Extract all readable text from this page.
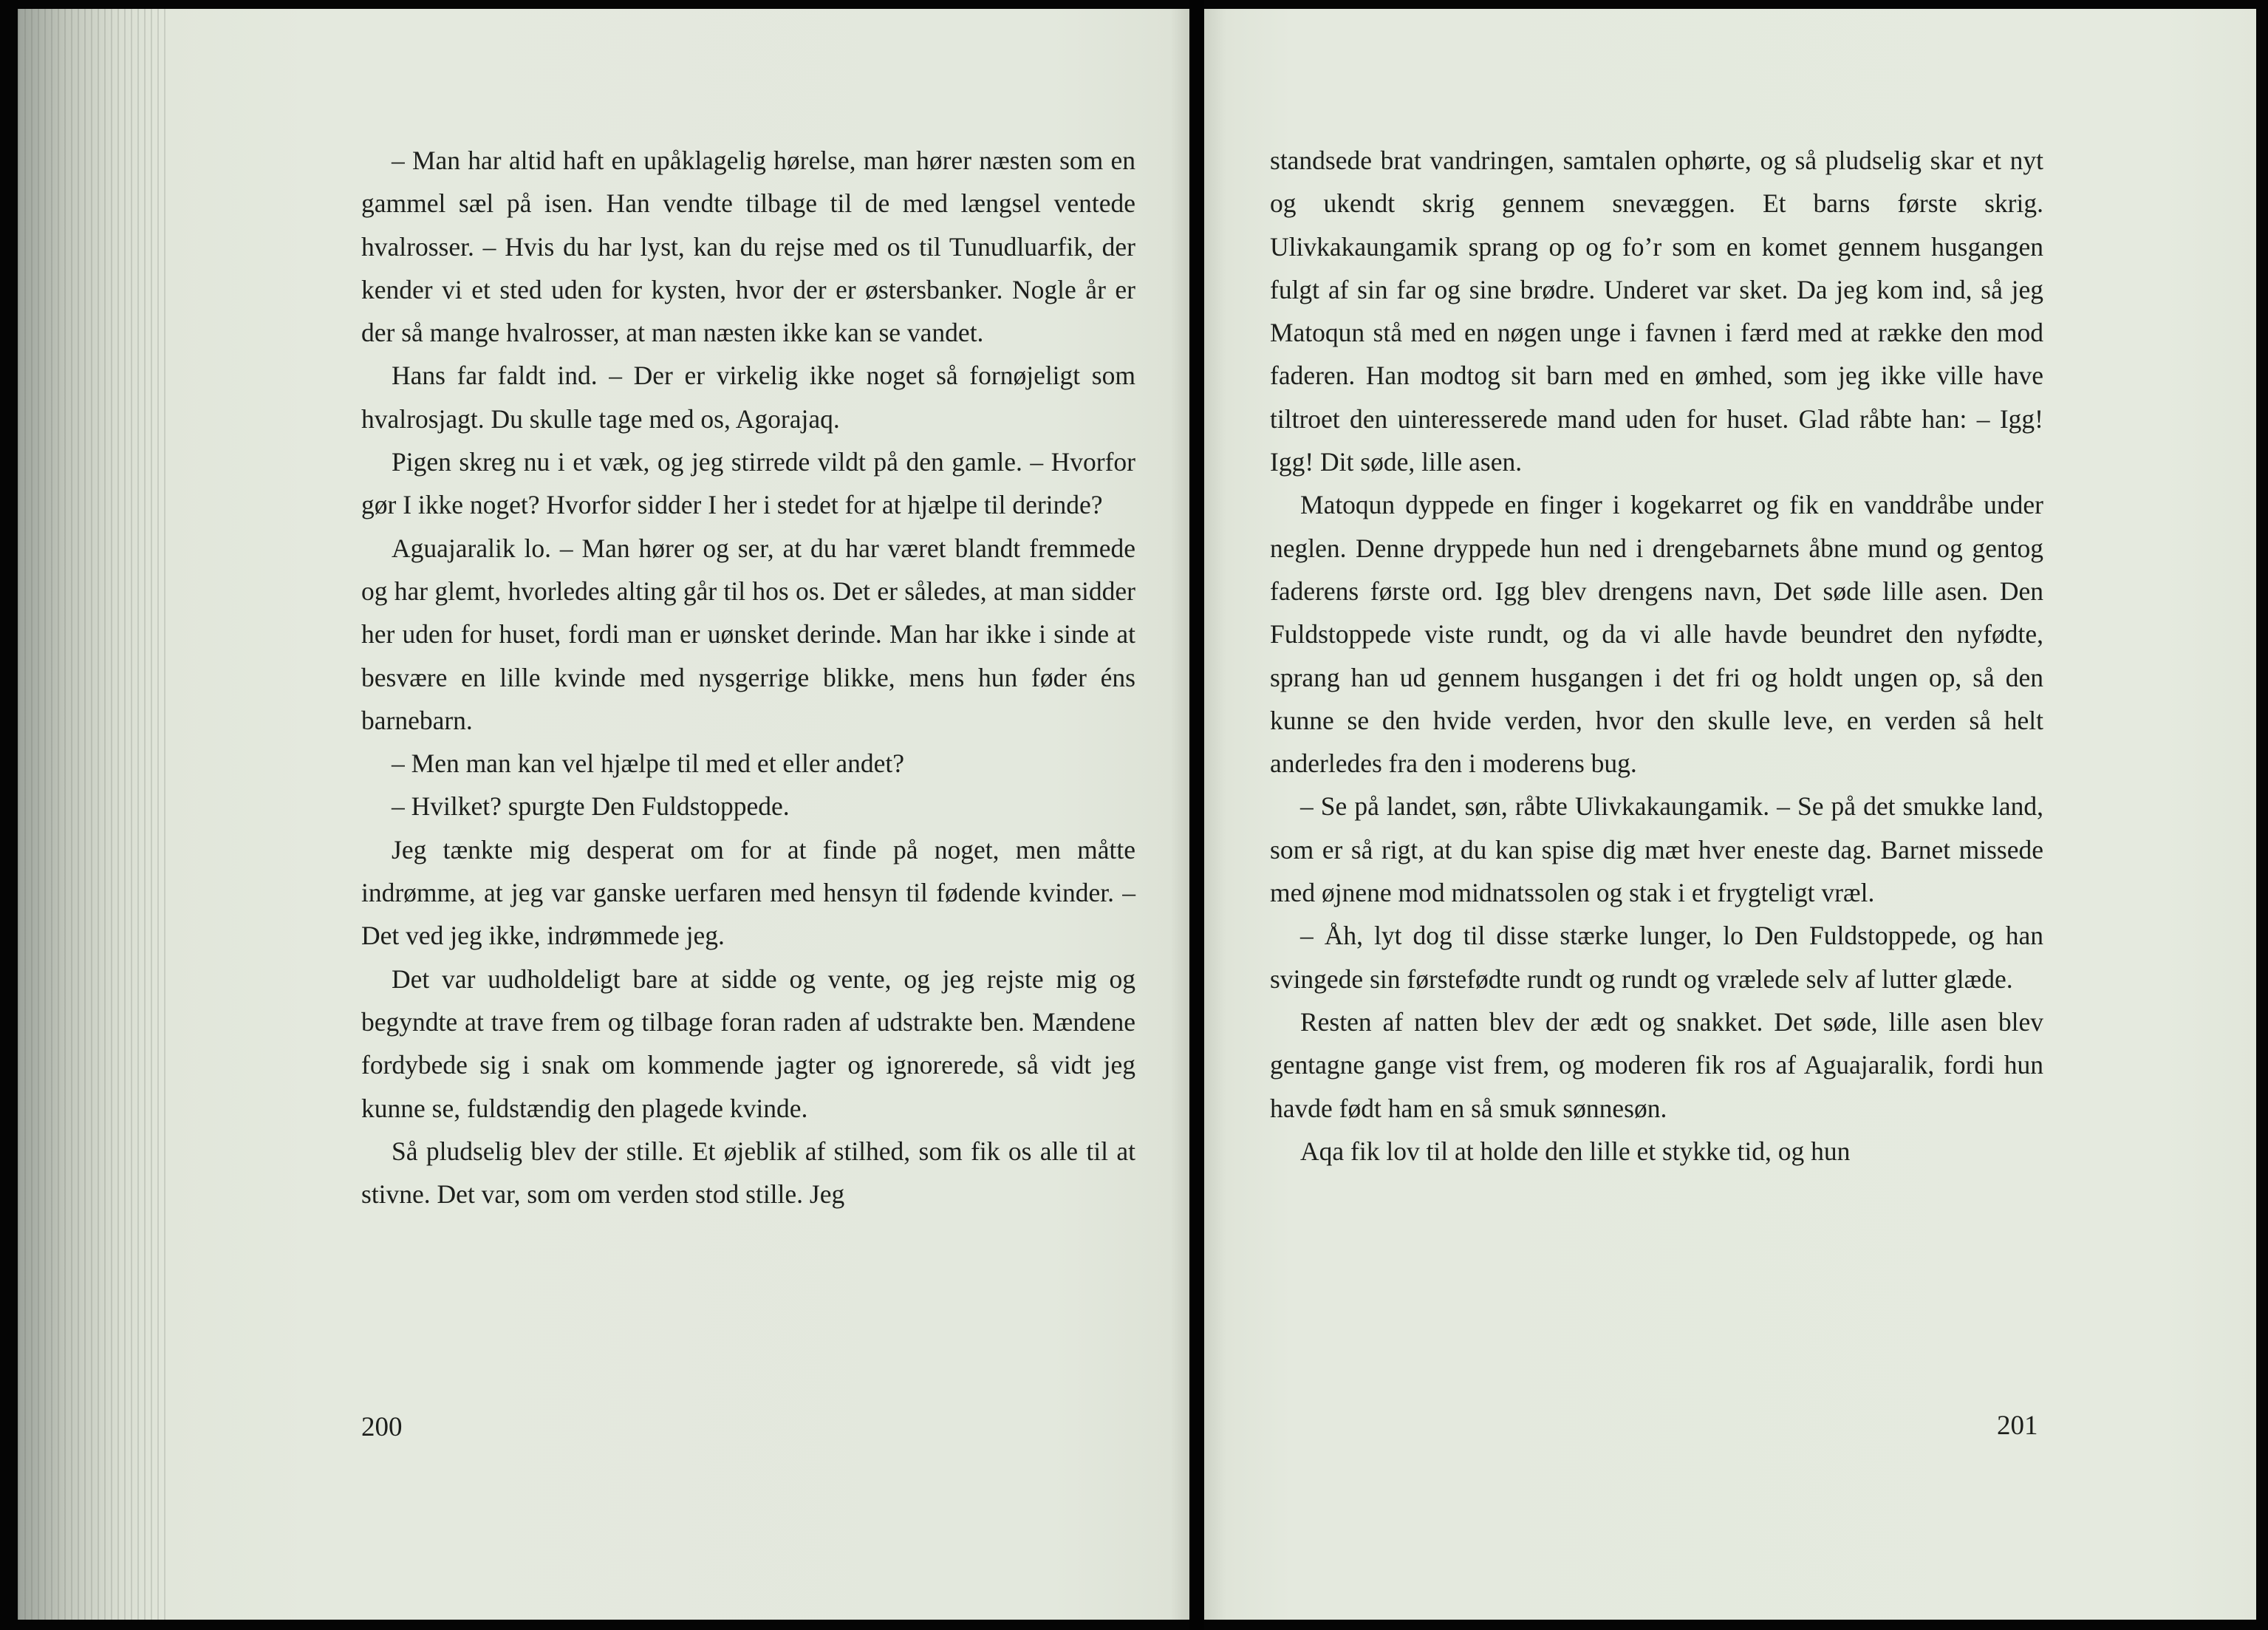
– Man har altid haft en upåklagelig hørelse, man hører næsten som en gammel sæl på isen. Han vendte tilbage til de med længsel ventede hvalrosser. – Hvis du har lyst, kan du rejse med os til Tunudluarfik, der kender vi et sted uden for kysten, hvor der er østersbanker. Nogle år er der så mange hvalrosser, at man næsten ikke kan se vandet.

Hans far faldt ind. – Der er virkelig ikke noget så fornøjeligt som hvalrosjagt. Du skulle tage med os, Agorajaq.

Pigen skreg nu i et væk, og jeg stirrede vildt på den gamle. – Hvorfor gør I ikke noget? Hvorfor sidder I her i stedet for at hjælpe til derinde?

Aguajaralik lo. – Man hører og ser, at du har været blandt fremmede og har glemt, hvorledes alting går til hos os. Det er således, at man sidder her uden for huset, fordi man er uønsket derinde. Man har ikke i sinde at besvære en lille kvinde med nysgerrige blikke, mens hun føder éns barnebarn.

– Men man kan vel hjælpe til med et eller andet?

– Hvilket? spurgte Den Fuldstoppede.

Jeg tænkte mig desperat om for at finde på noget, men måtte indrømme, at jeg var ganske uerfaren med hensyn til fødende kvinder. – Det ved jeg ikke, indrømmede jeg.

Det var uudholdeligt bare at sidde og vente, og jeg rejste mig og begyndte at trave frem og tilbage foran raden af udstrakte ben. Mændene fordybede sig i snak om kommende jagter og ignorerede, så vidt jeg kunne se, fuldstændig den plagede kvinde.

Så pludselig blev der stille. Et øjeblik af stilhed, som fik os alle til at stivne. Det var, som om verden stod stille. Jeg

200

standsede brat vandringen, samtalen ophørte, og så pludselig skar et nyt og ukendt skrig gennem snevæggen. Et barns første skrig. Ulivkakaungamik sprang op og fo’r som en komet gennem husgangen fulgt af sin far og sine brødre. Underet var sket. Da jeg kom ind, så jeg Matoqun stå med en nøgen unge i favnen i færd med at række den mod faderen. Han modtog sit barn med en ømhed, som jeg ikke ville have tiltroet den uinteresserede mand uden for huset. Glad råbte han: – Igg! Igg! Dit søde, lille asen.

Matoqun dyppede en finger i kogekarret og fik en vanddråbe under neglen. Denne dryppede hun ned i drengebarnets åbne mund og gentog faderens første ord. Igg blev drengens navn, Det søde lille asen. Den Fuldstoppede viste rundt, og da vi alle havde beundret den nyfødte, sprang han ud gennem husgangen i det fri og holdt ungen op, så den kunne se den hvide verden, hvor den skulle leve, en verden så helt anderledes fra den i moderens bug.

– Se på landet, søn, råbte Ulivkakaungamik. – Se på det smukke land, som er så rigt, at du kan spise dig mæt hver eneste dag. Barnet missede med øjnene mod midnatssolen og stak i et frygteligt vræl.

– Åh, lyt dog til disse stærke lunger, lo Den Fuldstoppede, og han svingede sin førstefødte rundt og rundt og vrælede selv af lutter glæde.

Resten af natten blev der ædt og snakket. Det søde, lille asen blev gentagne gange vist frem, og moderen fik ros af Aguajaralik, fordi hun havde født ham en så smuk sønnesøn.

Aqa fik lov til at holde den lille et stykke tid, og hun

201
